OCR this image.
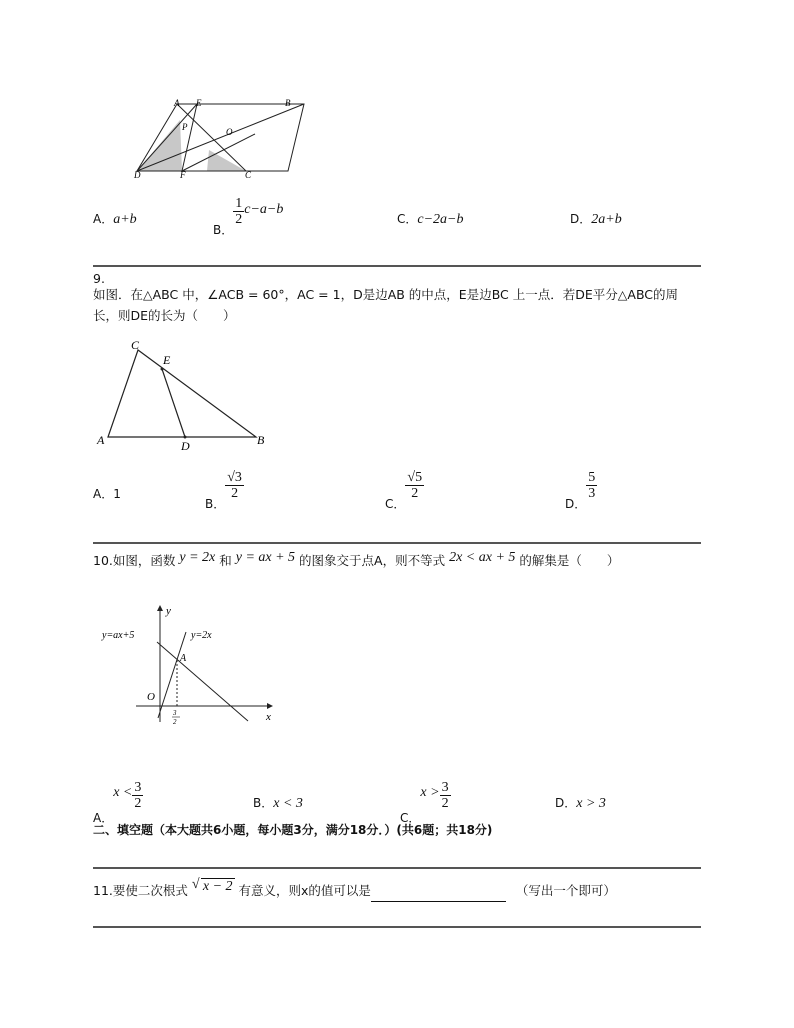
A E	B
P	O
D	F	C
A．a+b
$_{B.}$
$\frac{1}{2} c-a-b$
C．c−2a−b	D．2a+b
9.
如图．在△ABC 中，∠ACB = 60°，AC = 1，D是边AB 的中点，E是边BC 上一点．若DE平分△ABC的周
长，则DE的长为（　　）
C
E
A	D	B
A．1
$_{B.}$
$\frac{√3}{2}$
$_{C.}$
$\frac{√5}{2}$
$_{D.}$
$\frac{5}{3}$
10.如图，函数 y = 2x 和 y = ax + 5 的图象交于点A，则不等式 2x < ax + 5 的解集是（　　）
y=ax+5	y=2x
y
x
O
A
3
2
$_{A.}x < \frac{3}{2}$	B．x < 3
$_{C.}x > \frac{3}{2}$	D．x > 3
二、填空题（本大题共6小题，每小题3分，满分18分．）(共6题；共18分)
11.要使二次根式 √ x − 2 有意义，则x的值可以是	（写出一个即可）
